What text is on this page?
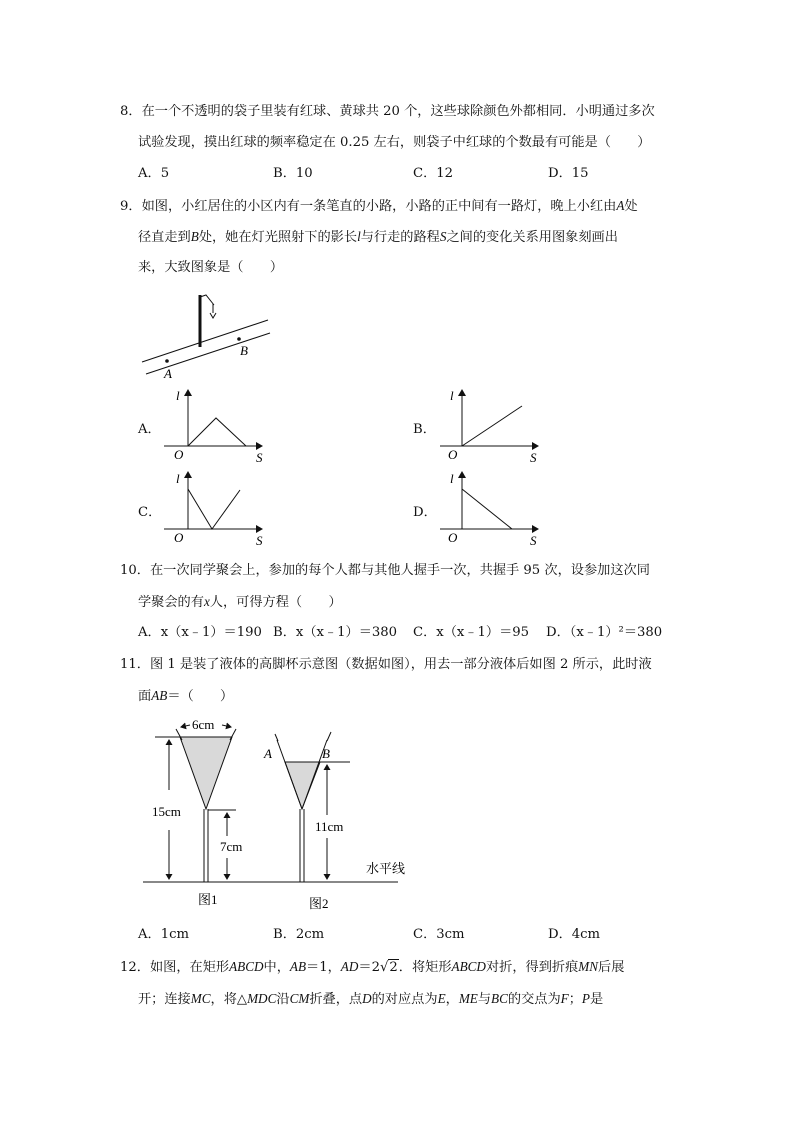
8．在一个不透明的袋子里装有红球、黄球共 20 个，这些球除颜色外都相同．小明通过多次
试验发现，摸出红球的频率稳定在 0.25 左右，则袋子中红球的个数最有可能是（　　）
A．5	B．10	C．12	D．15
9．如图，小红居住的小区内有一条笔直的小路，小路的正中间有一路灯，晚上小红由A处
径直走到B处，她在灯光照射下的影长l与行走的路程S之间的变化关系用图象刻画出
来，大致图象是（　　）
A
B
A．	B．
C．	D．
l
S
O
l
S
O
l
S
O
l
S
O
10．在一次同学聚会上，参加的每个人都与其他人握手一次，共握手 95 次，设参加这次同
学聚会的有x人，可得方程（　　）
A．x（x﹣1）＝190 B．x（x﹣1）＝380 C．x（x﹣1）＝95 D．（x﹣1）²＝380
11．图 1 是装了液体的高脚杯示意图（数据如图），用去一部分液体后如图 2 所示，此时液
面AB＝（　　）
水平线
6cm
15cm
7cm
图1
A	B
11cm
图2
A．1cm	B．2cm	C．3cm	D．4cm
12．如图，在矩形ABCD中，AB＝1，AD＝2√2．将矩形ABCD对折，得到折痕MN后展
开；连接MC，将△MDC沿CM折叠，点D的对应点为E，ME与BC的交点为F；P是
